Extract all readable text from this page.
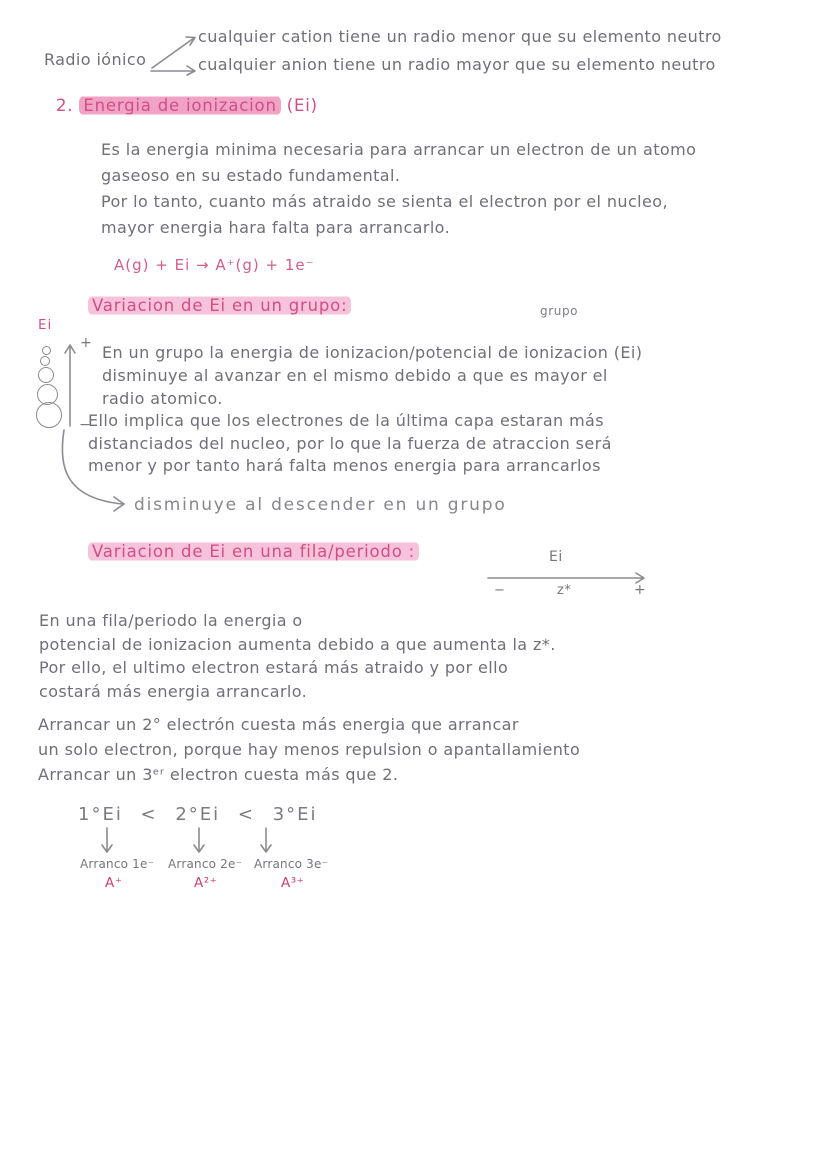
Radio iónico
cualquier cation tiene un radio menor que su elemento neutro
cualquier anion tiene un radio mayor que su elemento neutro
2. Energia de ionizacion (Ei)
Es la energia minima necesaria para arrancar un electron de un atomo
gaseoso en su estado fundamental.
Por lo tanto, cuanto más atraido se sienta el electron por el nucleo,
mayor energia hara falta para arrancarlo.
A(g) + Ei → A⁺(g) + 1e⁻
Variacion de Ei en un grupo:	grupo
Ei
+
−
En un grupo la energia de ionizacion/potencial de ionizacion (Ei)
disminuye al avanzar en el mismo debido a que es mayor el
radio atomico.
Ello implica que los electrones de la última capa estaran más
distanciados del nucleo, por lo que la fuerza de atraccion será
menor y por tanto hará falta menos energia para arrancarlos
disminuye al descender en un grupo
Variacion de Ei en una fila/periodo :	Ei
−	z*	+
En una fila/periodo la energia o
potencial de ionizacion aumenta debido a que aumenta la z*.
Por ello, el ultimo electron estará más atraido y por ello
costará más energia arrancarlo.
Arrancar un 2° electrón cuesta más energia que arrancar
un solo electron, porque hay menos repulsion o apantallamiento
Arrancar un 3ᵉʳ electron cuesta más que 2.
1°Ei < 2°Ei < 3°Ei
Arranco 1e⁻ Arranco 2e⁻ Arranco 3e⁻
A⁺	A²⁺	A³⁺
